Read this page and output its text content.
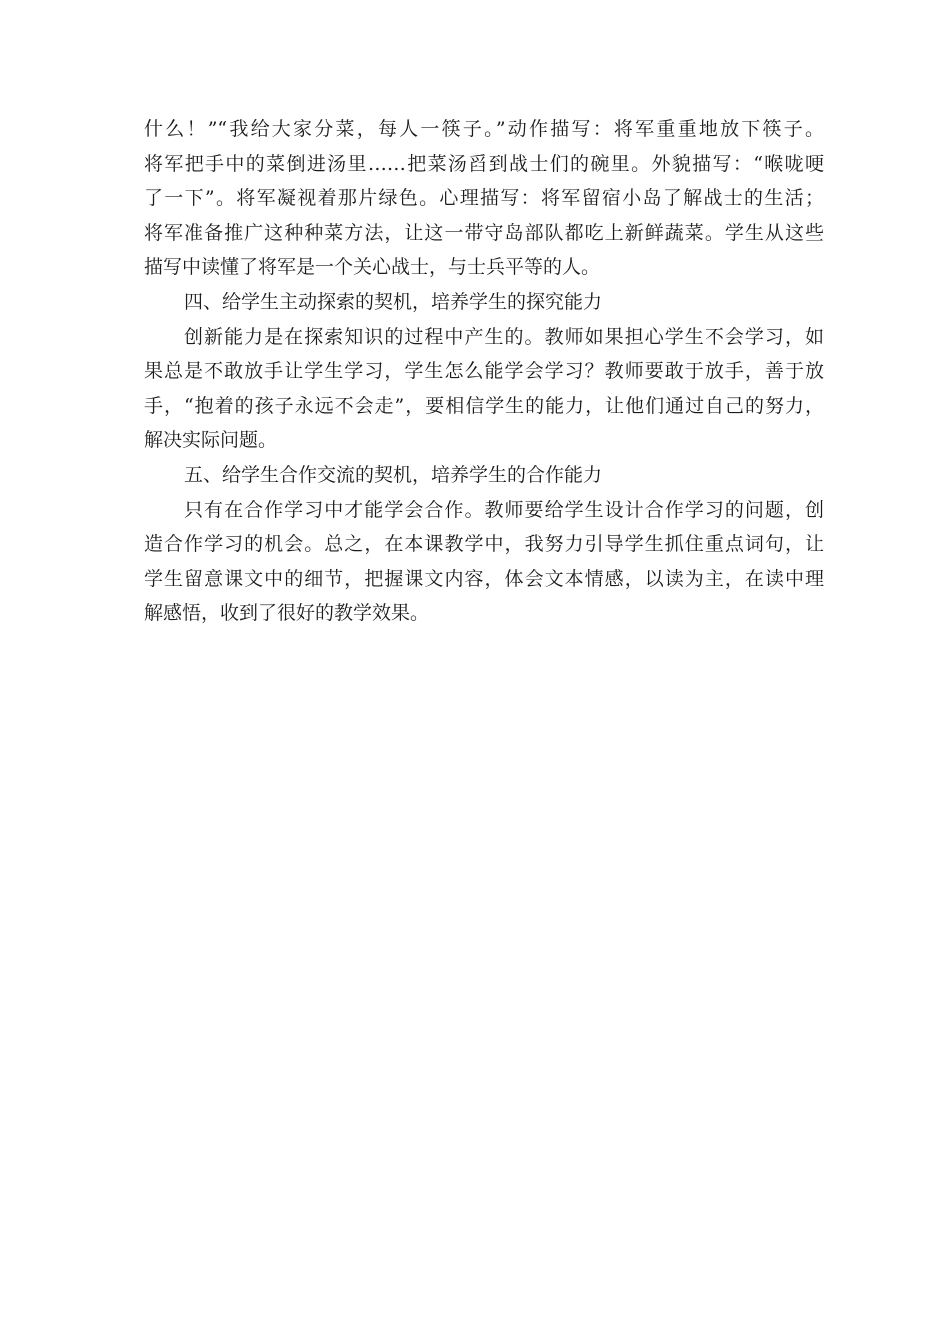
什么！”“我给大家分菜，每人一筷子。”动作描写：将军重重地放下筷子。
将军把手中的菜倒进汤里……把菜汤舀到战士们的碗里。外貌描写：“喉咙哽
了一下”。将军凝视着那片绿色。心理描写：将军留宿小岛了解战士的生活；
将军准备推广这种种菜方法，让这一带守岛部队都吃上新鲜蔬菜。学生从这些
描写中读懂了将军是一个关心战士，与士兵平等的人。
四、给学生主动探索的契机，培养学生的探究能力
创新能力是在探索知识的过程中产生的。教师如果担心学生不会学习，如
果总是不敢放手让学生学习，学生怎么能学会学习？教师要敢于放手，善于放
手，“抱着的孩子永远不会走”，要相信学生的能力，让他们通过自己的努力，
解决实际问题。
五、给学生合作交流的契机，培养学生的合作能力
只有在合作学习中才能学会合作。教师要给学生设计合作学习的问题，创
造合作学习的机会。总之，在本课教学中，我努力引导学生抓住重点词句，让
学生留意课文中的细节，把握课文内容，体会文本情感，以读为主，在读中理
解感悟，收到了很好的教学效果。
